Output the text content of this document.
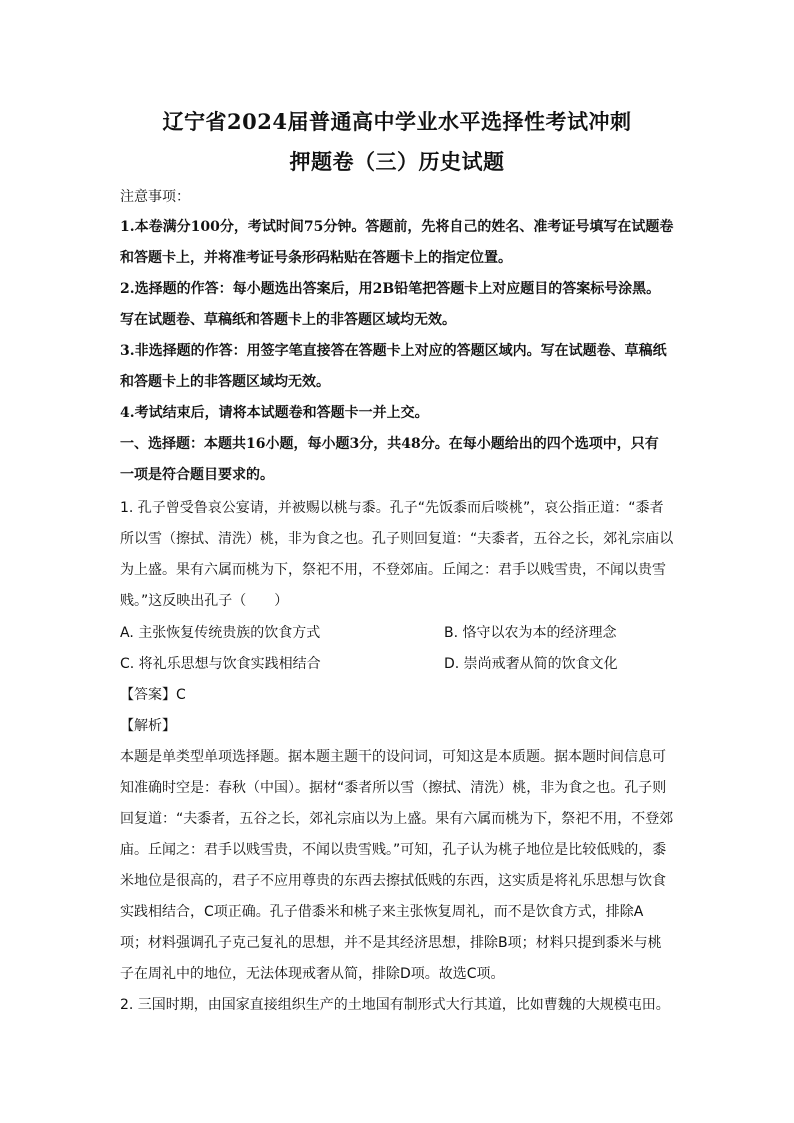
辽宁省2024届普通高中学业水平选择性考试冲刺
押题卷（三）历史试题
注意事项：
1.本卷满分100分，考试时间75分钟。答题前，先将自己的姓名、准考证号填写在试题卷
和答题卡上，并将准考证号条形码粘贴在答题卡上的指定位置。
2.选择题的作答：每小题选出答案后，用2B铅笔把答题卡上对应题目的答案标号涂黑。
写在试题卷、草稿纸和答题卡上的非答题区域均无效。
3.非选择题的作答：用签字笔直接答在答题卡上对应的答题区域内。写在试题卷、草稿纸
和答题卡上的非答题区域均无效。
4.考试结束后，请将本试题卷和答题卡一并上交。
一、选择题：本题共16小题，每小题3分，共48分。在每小题给出的四个选项中，只有
一项是符合题目要求的。
1. 孔子曾受鲁哀公宴请，并被赐以桃与黍。孔子“先饭黍而后啖桃”，哀公指正道：“黍者
所以雪（擦拭、清洗）桃，非为食之也。孔子则回复道：“夫黍者，五谷之长，郊礼宗庙以
为上盛。果有六属而桃为下，祭祀不用，不登郊庙。丘闻之：君手以贱雪贵，不闻以贵雪
贱。”这反映出孔子（　　）
A. 主张恢复传统贵族的饮食方式	B. 恪守以农为本的经济理念
C. 将礼乐思想与饮食实践相结合	D. 崇尚戒奢从简的饮食文化
【答案】C
【解析】
本题是单类型单项选择题。据本题主题干的设问词，可知这是本质题。据本题时间信息可
知准确时空是：春秋（中国）。据材“黍者所以雪（擦拭、清洗）桃，非为食之也。孔子则
回复道：“夫黍者，五谷之长，郊礼宗庙以为上盛。果有六属而桃为下，祭祀不用，不登郊
庙。丘闻之：君手以贱雪贵，不闻以贵雪贱。”可知，孔子认为桃子地位是比较低贱的，黍
米地位是很高的，君子不应用尊贵的东西去擦拭低贱的东西，这实质是将礼乐思想与饮食
实践相结合，C项正确。孔子借黍米和桃子来主张恢复周礼，而不是饮食方式，排除A
项；材料强调孔子克己复礼的思想，并不是其经济思想，排除B项；材料只提到黍米与桃
子在周礼中的地位，无法体现戒奢从简，排除D项。故选C项。
2. 三国时期，由国家直接组织生产的土地国有制形式大行其道，比如曹魏的大规模屯田。
